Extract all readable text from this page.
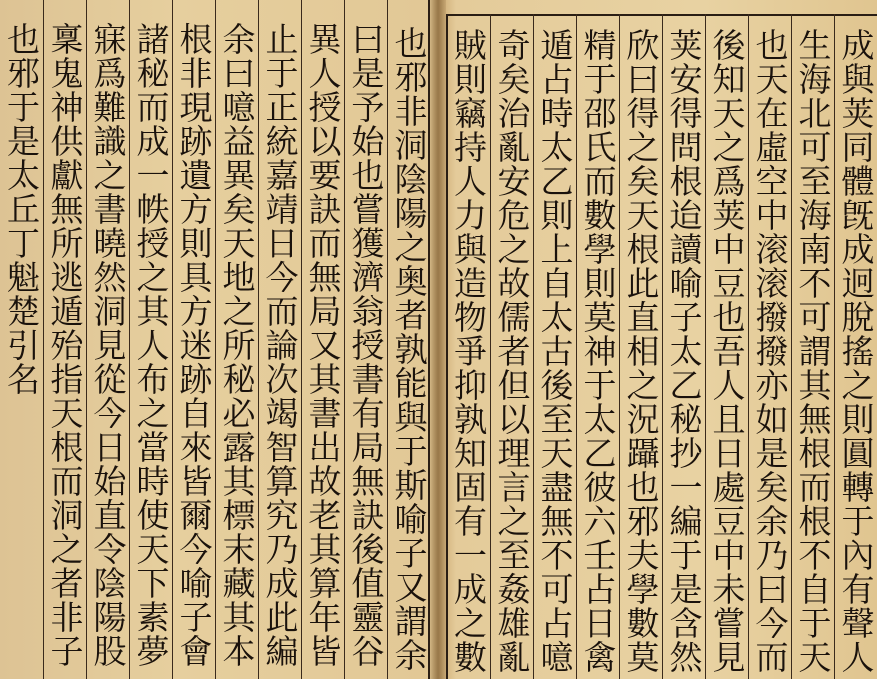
也邪非洞陰陽之奥者孰能與于斯喻子又謂余
曰是予始也嘗獲濟翁授書有局無訣後值靈谷
異人授以要訣而無局又其書出故老其算年皆
止于正統嘉靖日今而論次竭智算究乃成此編
余曰噫益異矣天地之所秘必露其標末藏其本
根非現跡遺方則具方迷跡自來皆爾今喻子會
諸秘而成一帙授之其人布之當時使天下素夢
寐爲難識之書曉然洞見從今日始直令陰陽股
稟鬼神供獻無所逃遁殆指天根而洞之者非子
也邪于是太丘丁魁楚引名	成與荚同體旣成迥脫搖之則圓轉于內有聲人
生海北可至海南不可謂其無根而根不自于天
也天在虛空中滚滚撥撥亦如是矣余乃曰今而
後知天之爲荚中豆也吾人且日處豆中未嘗見
荚安得問根迨讀喻子太乙秘抄一編于是含然
欣曰得之矣天根此直相之況躡也邪夫學數莫
精于邵氏而數學則莫神于太乙彼六壬占日禽
遁占時太乙則上自太古後至天盡無不可占噫
奇矣治亂安危之故儒者但以理言之至姦雄亂
賊則竊持人力與造物爭抑孰知固有一成之數
